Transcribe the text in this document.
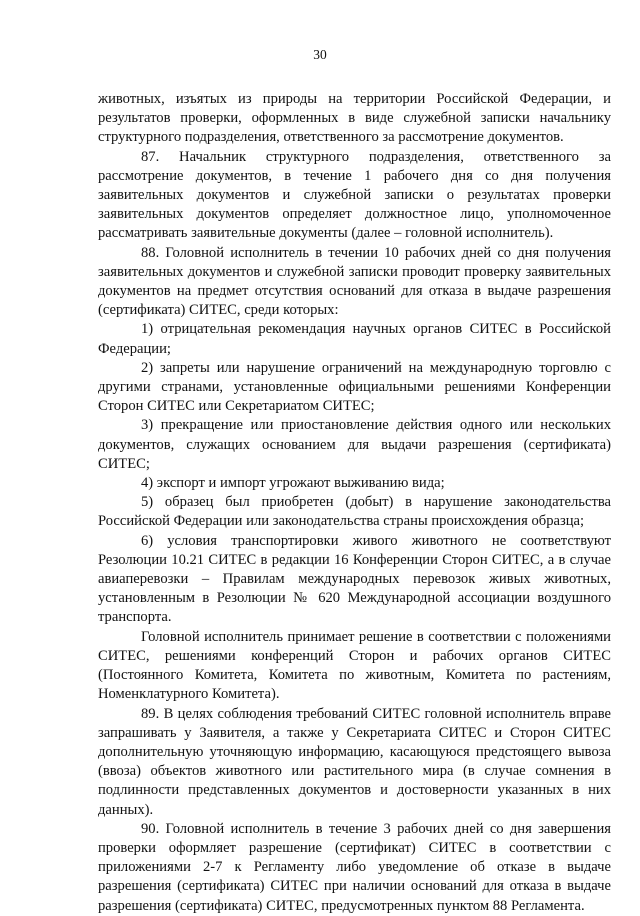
30

животных, изъятых из природы на территории Российской Федерации, и результатов проверки, оформленных в виде служебной записки начальнику структурного подразделения, ответственного за рассмотрение документов.

87. Начальник структурного подразделения, ответственного за рассмотрение документов, в течение 1 рабочего дня со дня получения заявительных документов и служебной записки о результатах проверки заявительных документов определяет должностное лицо, уполномоченное рассматривать заявительные документы (далее – головной исполнитель).

88. Головной исполнитель в течении 10 рабочих дней со дня получения заявительных документов и служебной записки проводит проверку заявительных документов на предмет отсутствия оснований для отказа в выдаче разрешения (сертификата) СИТЕС, среди которых:

1) отрицательная рекомендация научных органов СИТЕС в Российской Федерации;

2) запреты или нарушение ограничений на международную торговлю с другими странами, установленные официальными решениями Конференции Сторон СИТЕС или Секретариатом СИТЕС;

3) прекращение или приостановление действия одного или нескольких документов, служащих основанием для выдачи разрешения (сертификата) СИТЕС;

4) экспорт и импорт угрожают выживанию вида;

5) образец был приобретен (добыт) в нарушение законодательства Российской Федерации или законодательства страны происхождения образца;

6) условия транспортировки живого животного не соответствуют Резолюции 10.21 СИТЕС в редакции 16 Конференции Сторон СИТЕС, а в случае авиаперевозки – Правилам международных перевозок живых животных, установленным в Резолюции № 620 Международной ассоциации воздушного транспорта.

Головной исполнитель принимает решение в соответствии с положениями СИТЕС, решениями конференций Сторон и рабочих органов СИТЕС (Постоянного Комитета, Комитета по животным, Комитета по растениям, Номенклатурного Комитета).

89. В целях соблюдения требований СИТЕС головной исполнитель вправе запрашивать у Заявителя, а также у Секретариата СИТЕС и Сторон СИТЕС дополнительную уточняющую информацию, касающуюся предстоящего вывоза (ввоза) объектов животного или растительного мира (в случае сомнения в подлинности представленных документов и достоверности указанных в них данных).

90. Головной исполнитель в течение 3 рабочих дней со дня завершения проверки оформляет разрешение (сертификат) СИТЕС в соответствии с приложениями 2-7 к Регламенту либо уведомление об отказе в выдаче разрешения (сертификата) СИТЕС при наличии оснований для отказа в выдаче разрешения (сертификата) СИТЕС, предусмотренных пунктом 88 Регламента.
